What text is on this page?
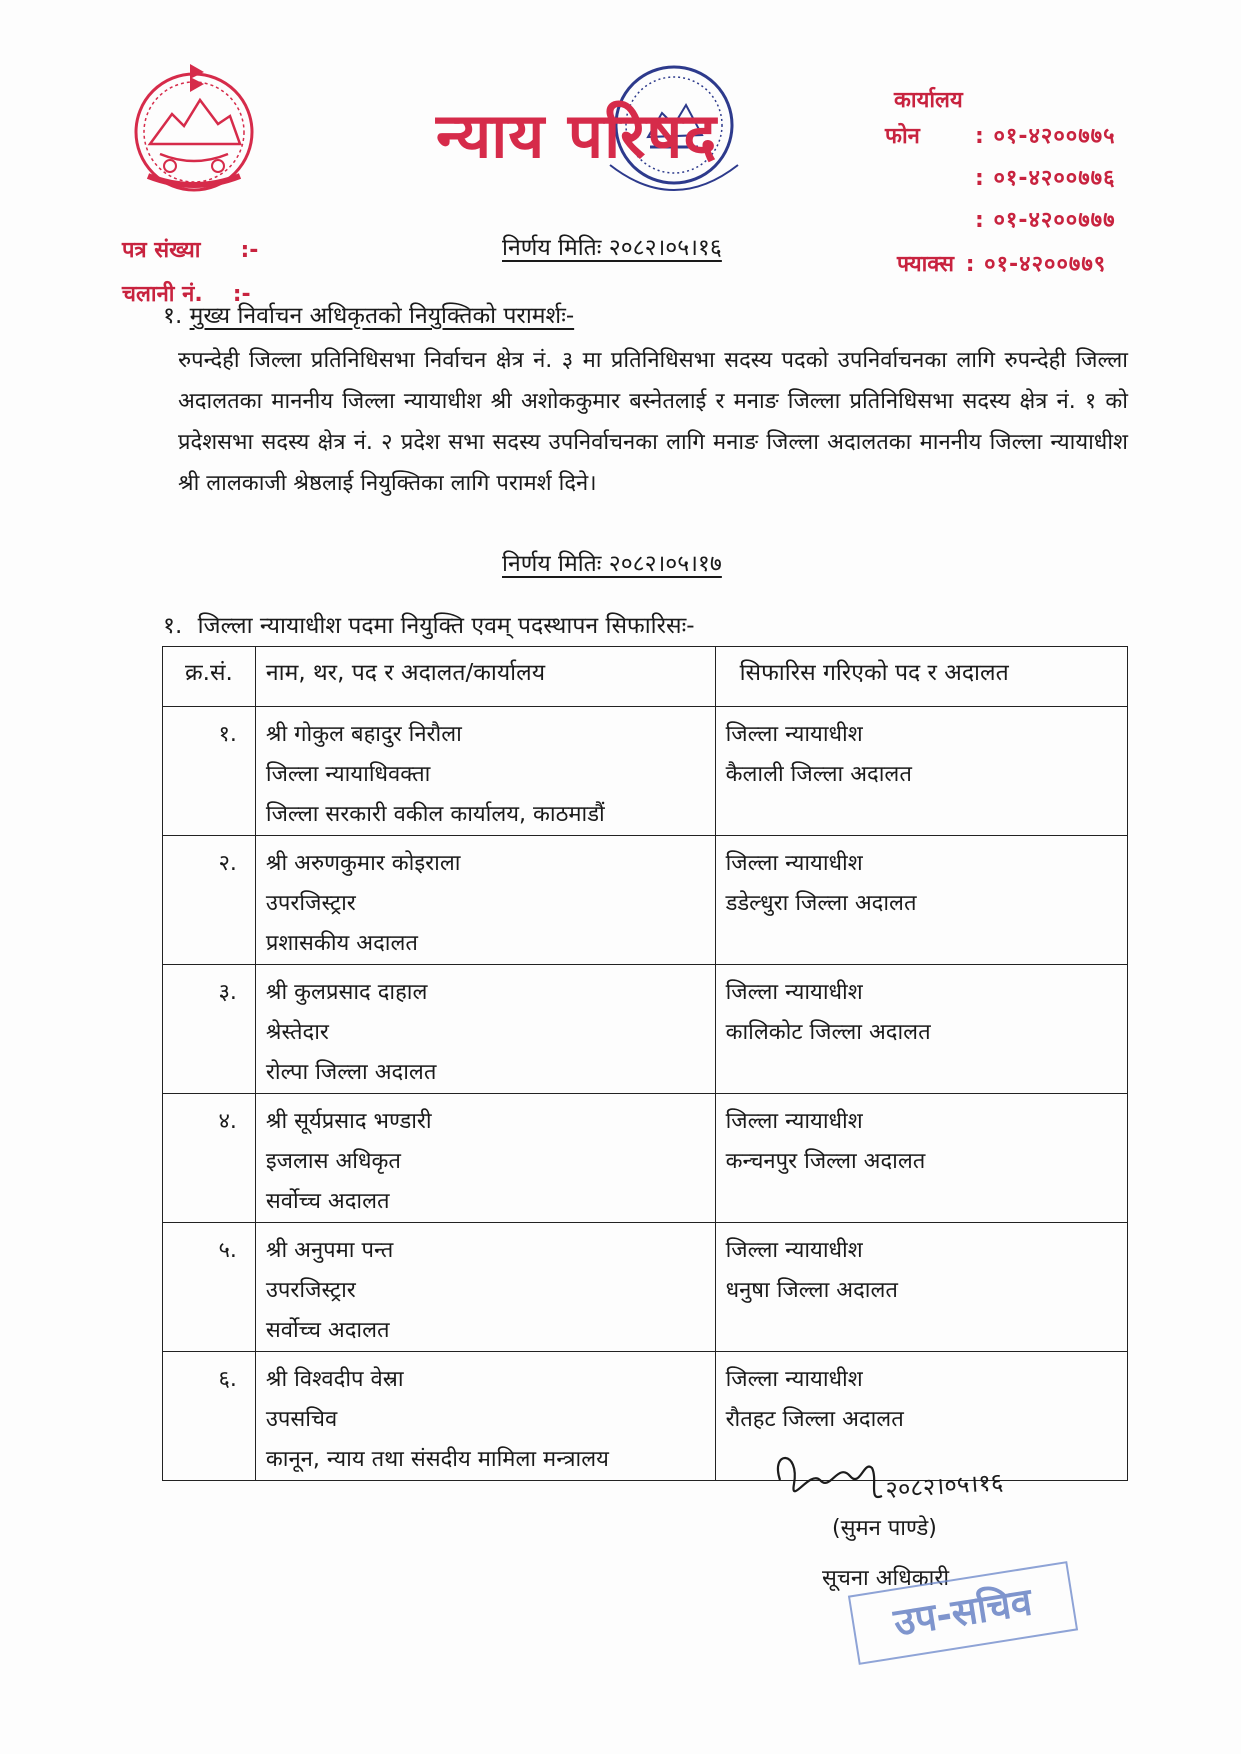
न्याय परिषद	कार्यालय
फोन	: ०१-४२००७७५
: ०१-४२००७७६
: ०१-४२००७७७
फ्याक्स : ०१-४२००७७९
पत्र संख्या :-
चलानी नं. :-
निर्णय मितिः २०८२।०५।१६
१. मुख्य निर्वाचन अधिकृतको नियुक्तिको परामर्शः-

रुपन्देही जिल्ला प्रतिनिधिसभा निर्वाचन क्षेत्र नं. ३ मा प्रतिनिधिसभा सदस्य पदको उपनिर्वाचनका लागि रुपन्देही जिल्ला अदालतका माननीय जिल्ला न्यायाधीश श्री अशोककुमार बस्नेतलाई र मनाङ जिल्ला प्रतिनिधिसभा सदस्य क्षेत्र नं. १ को प्रदेशसभा सदस्य क्षेत्र नं. २ प्रदेश सभा सदस्य उपनिर्वाचनका लागि मनाङ जिल्ला अदालतका माननीय जिल्ला न्यायाधीश श्री लालकाजी श्रेष्ठलाई नियुक्तिका लागि परामर्श दिने।

निर्णय मितिः २०८२।०५।१७
१. जिल्ला न्यायाधीश पदमा नियुक्ति एवम् पदस्थापन सिफारिसः-
क्र.सं.	नाम, थर, पद र अदालत/कार्यालय	सिफारिस गरिएको पद र अदालत
१.	श्री गोकुल बहादुर निरौला
जिल्ला न्यायाधिवक्ता
जिल्ला सरकारी वकील कार्यालय, काठमाडौं	जिल्ला न्यायाधीश
कैलाली जिल्ला अदालत

२.	श्री अरुणकुमार कोइराला
उपरजिस्ट्रार
प्रशासकीय अदालत	जिल्ला न्यायाधीश
डडेल्धुरा जिल्ला अदालत

३.	श्री कुलप्रसाद दाहाल
श्रेस्तेदार
रोल्पा जिल्ला अदालत	जिल्ला न्यायाधीश
कालिकोट जिल्ला अदालत

४.	श्री सूर्यप्रसाद भण्डारी
इजलास अधिकृत
सर्वोच्च अदालत	जिल्ला न्यायाधीश
कन्चनपुर जिल्ला अदालत

५.	श्री अनुपमा पन्त
उपरजिस्ट्रार
सर्वोच्च अदालत	जिल्ला न्यायाधीश
धनुषा जिल्ला अदालत

६.	श्री विश्वदीप वेस्रा
उपसचिव
कानून, न्याय तथा संसदीय मामिला मन्त्रालय	जिल्ला न्यायाधीश
रौतहट जिल्ला अदालत
२०८२।०५।१६
(सुमन पाण्डे)
सूचना अधिकारी
उप-सचिव
